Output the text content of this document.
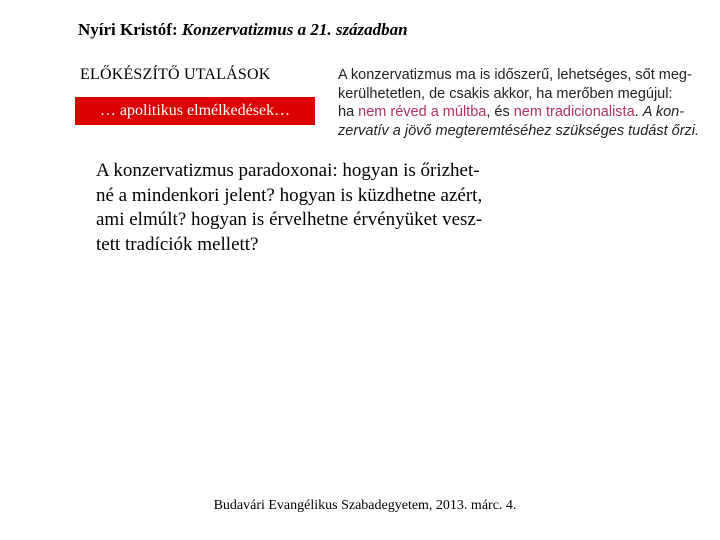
Nyíri Kristóf: Konzervatizmus a 21. században
ELŐKÉSZÍTŐ UTALÁSOK
… apolitikus elmélkedések…
A konzervatizmus ma is időszerű, lehetséges, sőt meg-
kerülhetetlen, de csakis akkor, ha merőben megújul:
ha nem réved a múltba, és nem tradicionalista. A kon-
zervatív a jövő megteremtéséhez szükséges tudást őrzi.
A konzervatizmus paradoxonai: hogyan is őrizhet-
né a mindenkori jelent? hogyan is küzdhetne azért,
ami elmúlt? hogyan is érvelhetne érvényüket vesz-
tett tradíciók mellett?
Budavári Evangélikus Szabadegyetem, 2013. márc. 4.
